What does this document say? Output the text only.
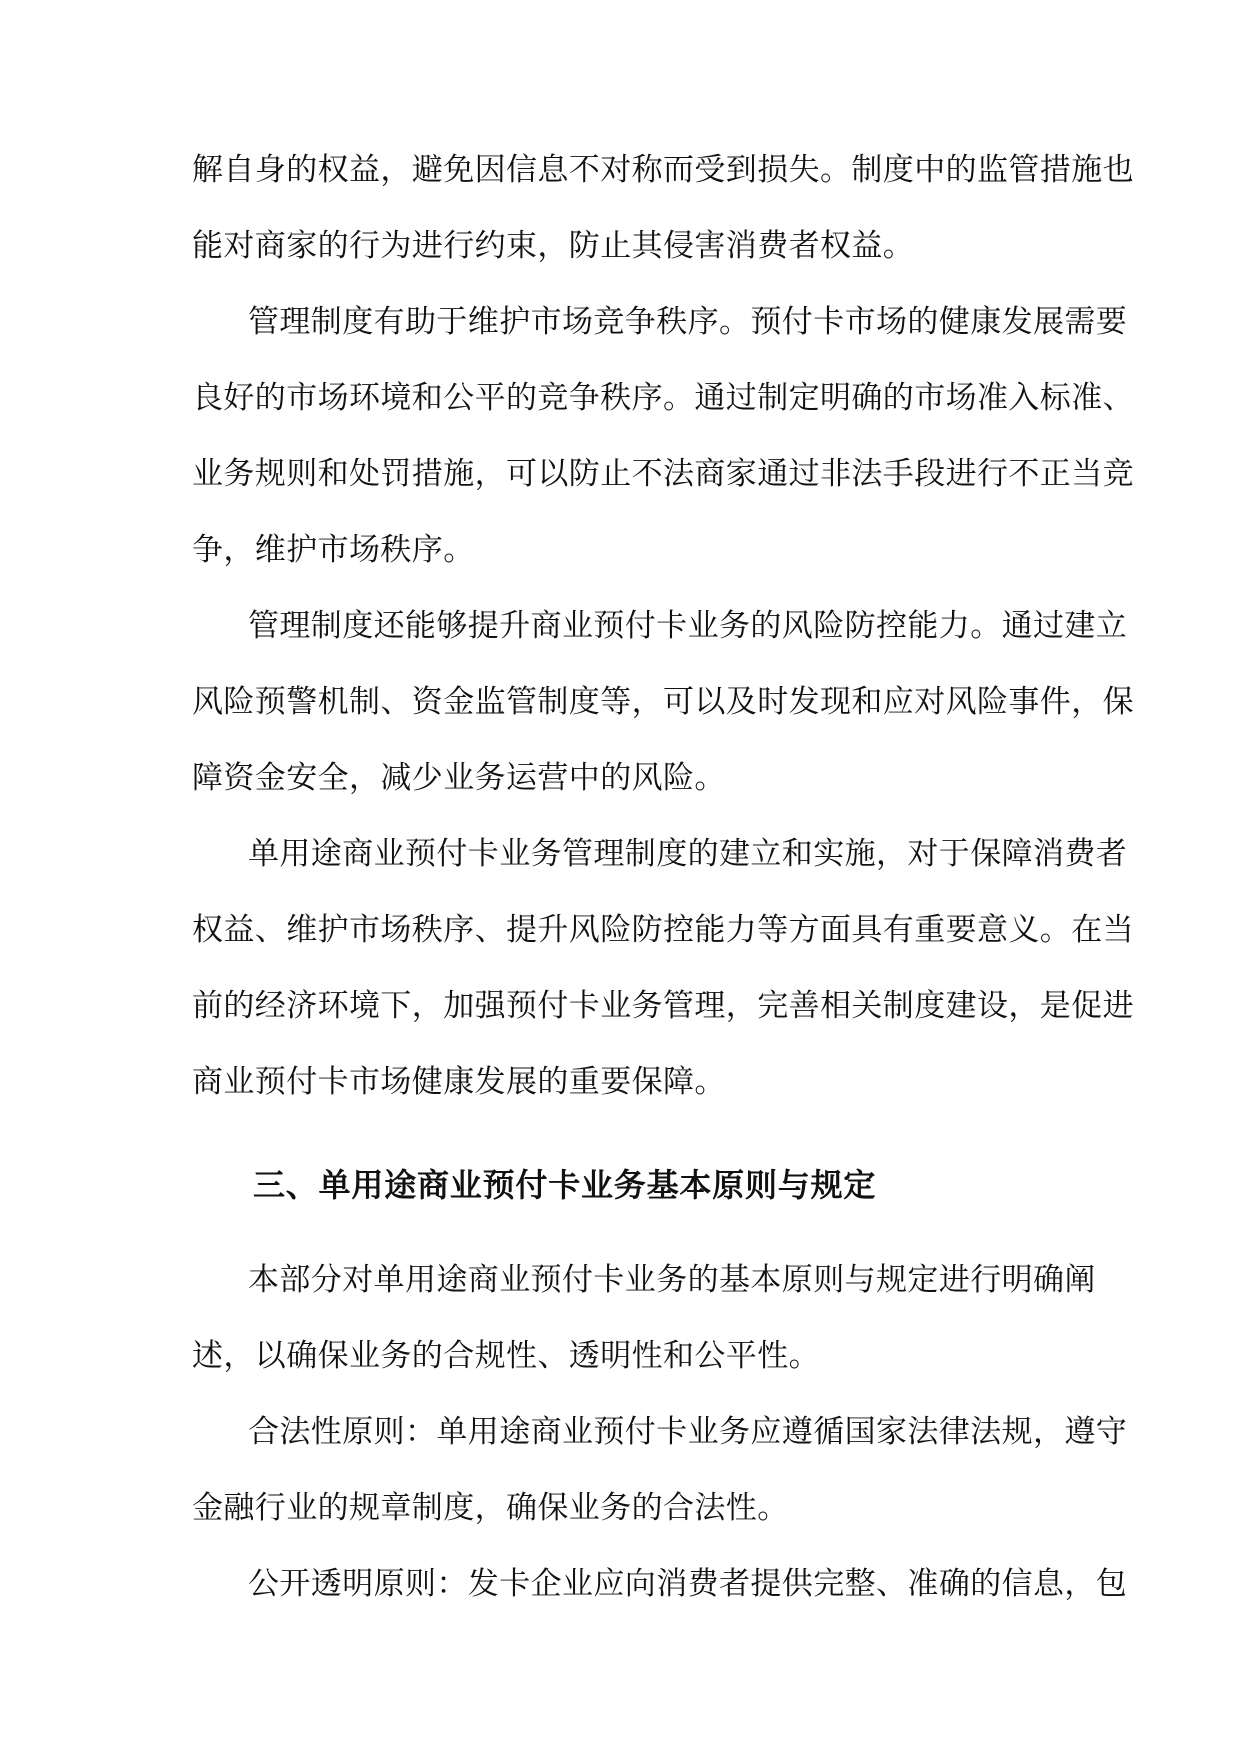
解自身的权益，避免因信息不对称而受到损失。制度中的监管措施也
能对商家的行为进行约束，防止其侵害消费者权益。
管理制度有助于维护市场竞争秩序。预付卡市场的健康发展需要
良好的市场环境和公平的竞争秩序。通过制定明确的市场准入标准、
业务规则和处罚措施，可以防止不法商家通过非法手段进行不正当竞
争，维护市场秩序。
管理制度还能够提升商业预付卡业务的风险防控能力。通过建立
风险预警机制、资金监管制度等，可以及时发现和应对风险事件，保
障资金安全，减少业务运营中的风险。
单用途商业预付卡业务管理制度的建立和实施，对于保障消费者
权益、维护市场秩序、提升风险防控能力等方面具有重要意义。在当
前的经济环境下，加强预付卡业务管理，完善相关制度建设，是促进
商业预付卡市场健康发展的重要保障。
三、单用途商业预付卡业务基本原则与规定
本部分对单用途商业预付卡业务的基本原则与规定进行明确阐
述，以确保业务的合规性、透明性和公平性。
合法性原则：单用途商业预付卡业务应遵循国家法律法规，遵守
金融行业的规章制度，确保业务的合法性。
公开透明原则：发卡企业应向消费者提供完整、准确的信息，包
